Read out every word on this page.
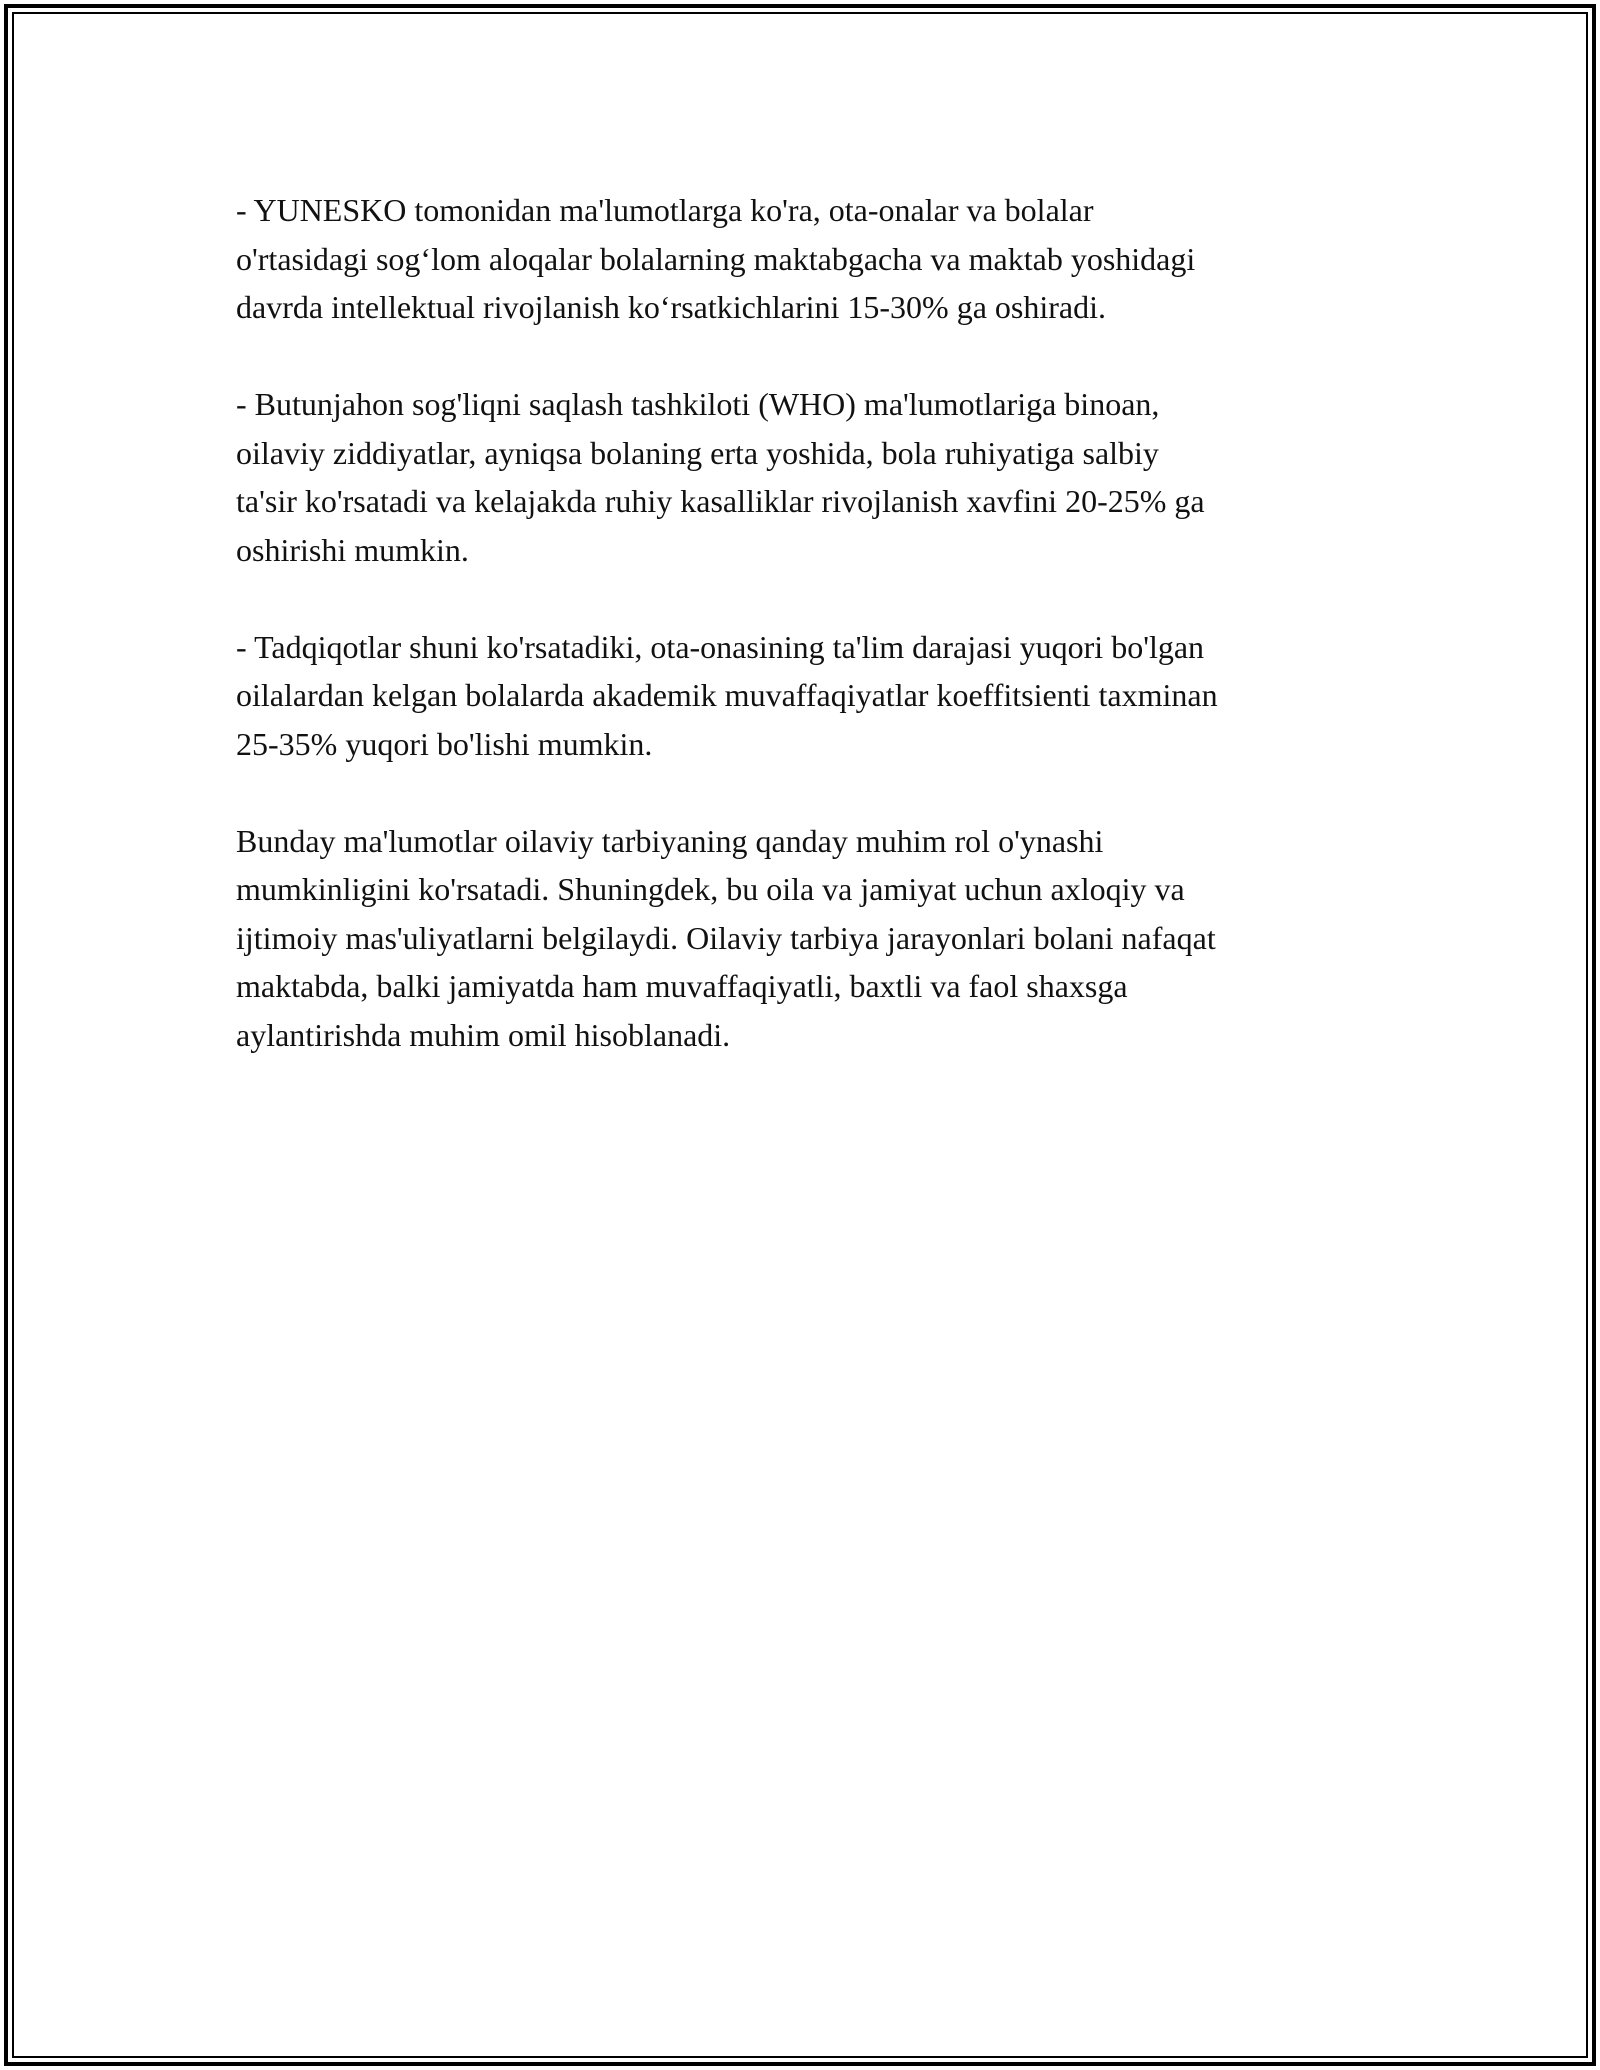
- YUNESKO tomonidan ma'lumotlarga ko'ra, ota-onalar va bolalar
o'rtasidagi sog‘lom aloqalar bolalarning maktabgacha va maktab yoshidagi
davrda intellektual rivojlanish ko‘rsatkichlarini 15-30% ga oshiradi.

- Butunjahon sog'liqni saqlash tashkiloti (WHO) ma'lumotlariga binoan,
oilaviy ziddiyatlar, ayniqsa bolaning erta yoshida, bola ruhiyatiga salbiy
ta'sir ko'rsatadi va kelajakda ruhiy kasalliklar rivojlanish xavfini 20-25% ga
oshirishi mumkin.

- Tadqiqotlar shuni ko'rsatadiki, ota-onasining ta'lim darajasi yuqori bo'lgan
oilalardan kelgan bolalarda akademik muvaffaqiyatlar koeffitsienti taxminan
25-35% yuqori bo'lishi mumkin.

Bunday ma'lumotlar oilaviy tarbiyaning qanday muhim rol o'ynashi
mumkinligini ko'rsatadi. Shuningdek, bu oila va jamiyat uchun axloqiy va
ijtimoiy mas'uliyatlarni belgilaydi. Oilaviy tarbiya jarayonlari bolani nafaqat
maktabda, balki jamiyatda ham muvaffaqiyatli, baxtli va faol shaxsga
aylantirishda muhim omil hisoblanadi.
